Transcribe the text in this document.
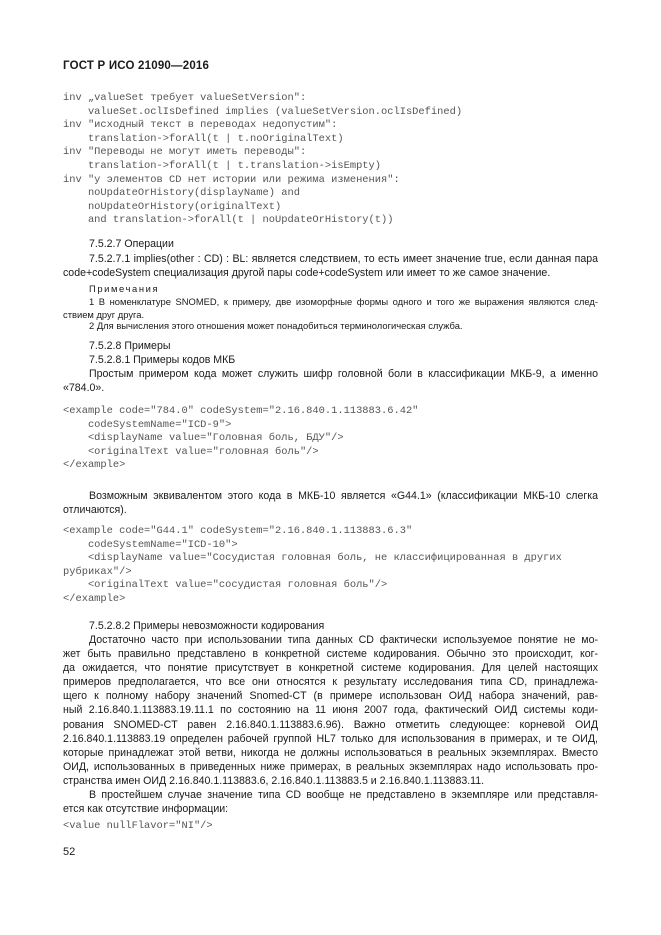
ГОСТ Р ИСО 21090—2016
inv „valueSet требует valueSetVersion":
valueSet.oclIsDefined implies (valueSetVersion.oclIsDefined)
inv "исходный текст в переводах недопустим":
translation->forAll(t | t.noOriginalText)
inv "Переводы не могут иметь переводы":
translation->forAll(t | t.translation->isEmpty)
inv "у элементов CD нет истории или режима изменения":
noUpdateOrHistory(displayName) and
noUpdateOrHistory(originalText)
and translation->forAll(t | noUpdateOrHistory(t))
7.5.2.7 Операции
7.5.2.7.1 implies(other : CD) : BL: является следствием, то есть имеет значение true, если данная пара
code+codeSystem специализация другой пары code+codeSystem или имеет то же самое значение.
Примечания
1 В номенклатуре SNOMED, к примеру, две изоморфные формы одного и того же выражения являются след-
ствием друг друга.
2 Для вычисления этого отношения может понадобиться терминологическая служба.
7.5.2.8 Примеры
7.5.2.8.1 Примеры кодов МКБ
Простым примером кода может служить шифр головной боли в классификации МКБ-9, а именно
«784.0».
<example code="784.0" codeSystem="2.16.840.1.113883.6.42"
codeSystemName="ICD-9">
<displayName value="Головная боль, БДУ"/>
<originalText value="головная боль"/>
</example>
Возможным эквивалентом этого кода в МКБ-10 является «G44.1» (классификации МКБ-10 слегка
отличаются).
<example code="G44.1" codeSystem="2.16.840.1.113883.6.3"
codeSystemName="ICD-10">
<displayName value="Сосудистая головная боль, не классифицированная в других
рубриках"/>
<originalText value="сосудистая головная боль"/>
</example>
7.5.2.8.2 Примеры невозможности кодирования
Достаточно часто при использовании типа данных CD фактически используемое понятие не мо-
жет быть правильно представлено в конкретной системе кодирования. Обычно это происходит, ког-
да ожидается, что понятие присутствует в конкретной системе кодирования. Для целей настоящих
примеров предполагается, что все они относятся к результату исследования типа CD, принадлежа-
щего к полному набору значений Snomed-CT (в примере использован ОИД набора значений, рав-
ный 2.16.840.1.113883.19.11.1 по состоянию на 11 июня 2007 года, фактический ОИД системы коди-
рования SNOMED-CT равен 2.16.840.1.113883.6.96). Важно отметить следующее: корневой ОИД
2.16.840.1.113883.19 определен рабочей группой HL7 только для использования в примерах, и те ОИД,
которые принадлежат этой ветви, никогда не должны использоваться в реальных экземплярах. Вместо
ОИД, использованных в приведенных ниже примерах, в реальных экземплярах надо использовать про-
странства имен ОИД 2.16.840.1.113883.6, 2.16.840.1.113883.5 и 2.16.840.1.113883.11.
В простейшем случае значение типа CD вообще не представлено в экземпляре или представля-
ется как отсутствие информации:
<value nullFlavor="NI"/>
52
